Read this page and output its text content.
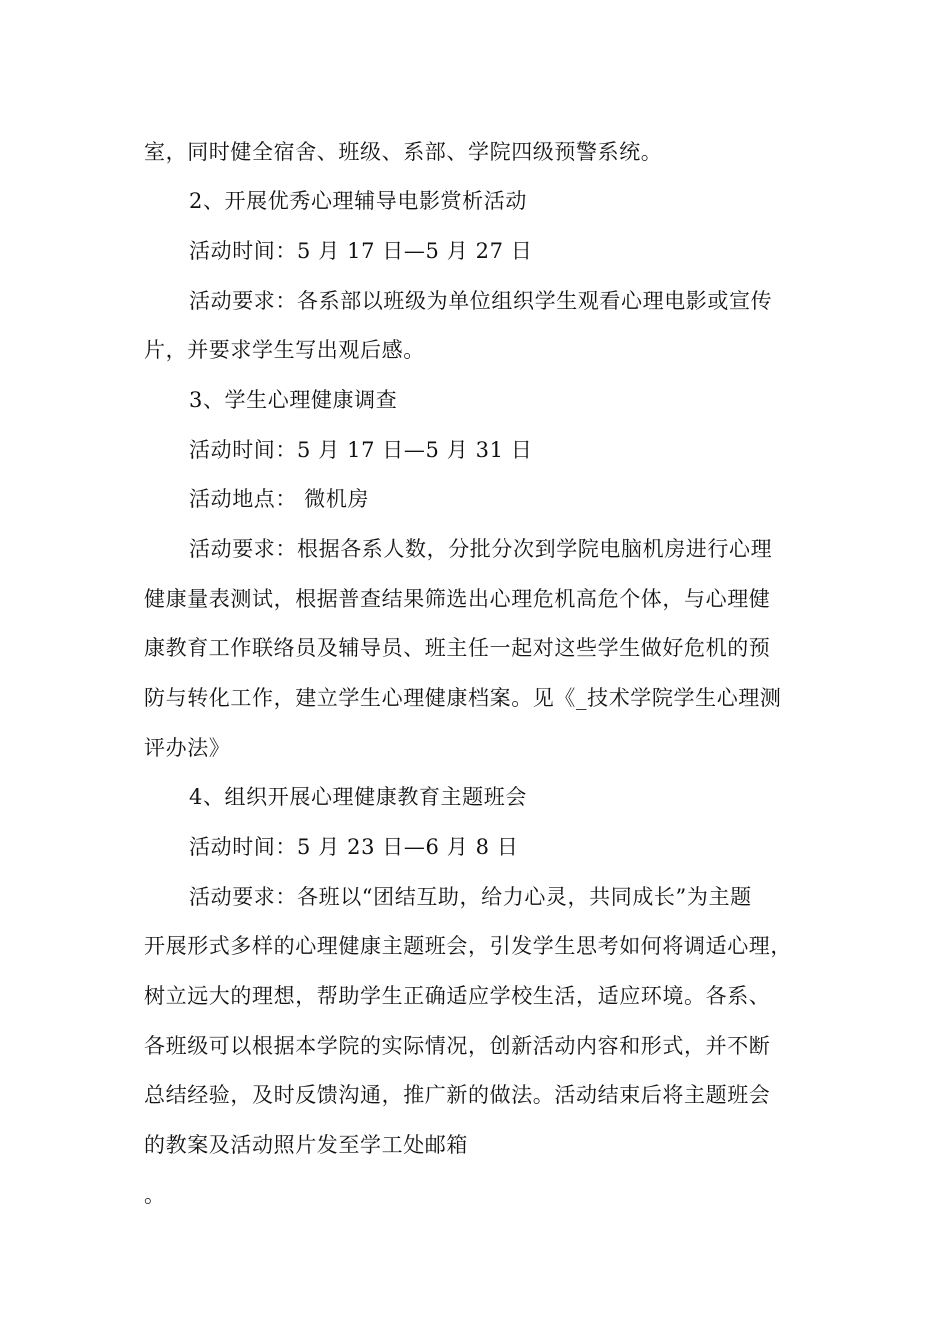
室，同时健全宿舍、班级、系部、学院四级预警系统。
2、开展优秀心理辅导电影赏析活动
活动时间：5 月 17 日—5 月 27 日
活动要求：各系部以班级为单位组织学生观看心理电影或宣传
片，并要求学生写出观后感。
3、学生心理健康调查
活动时间：5 月 17 日—5 月 31 日
活动地点： 微机房
活动要求：根据各系人数，分批分次到学院电脑机房进行心理
健康量表测试，根据普查结果筛选出心理危机高危个体，与心理健
康教育工作联络员及辅导员、班主任一起对这些学生做好危机的预
防与转化工作，建立学生心理健康档案。见《_技术学院学生心理测
评办法》
4、组织开展心理健康教育主题班会
活动时间：5 月 23 日—6 月 8 日
活动要求：各班以“团结互助，给力心灵，共同成长”为主题
开展形式多样的心理健康主题班会，引发学生思考如何将调适心理，
树立远大的理想，帮助学生正确适应学校生活，适应环境。各系、
各班级可以根据本学院的实际情况，创新活动内容和形式，并不断
总结经验，及时反馈沟通，推广新的做法。活动结束后将主题班会
的教案及活动照片发至学工处邮箱
。
